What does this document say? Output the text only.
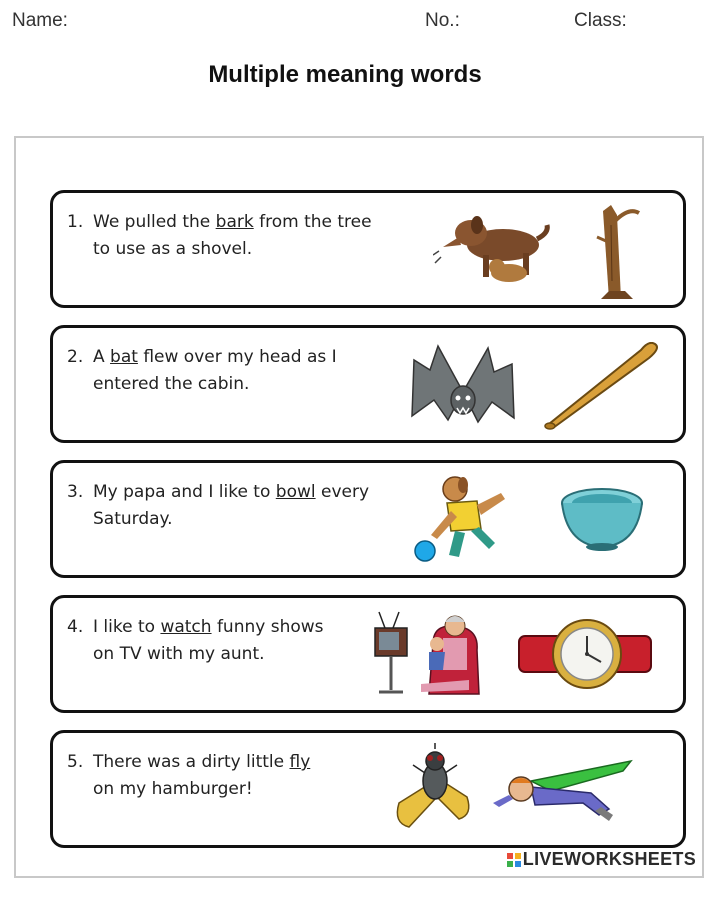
Name:	No.:	Class:
Multiple meaning words
1. We pulled the bark from the tree
to use as a shovel.
2. A bat flew over my head as I
entered the cabin.
3. My papa and I like to bowl every
Saturday.
4. I like to watch funny shows
on TV with my aunt.
5. There was a dirty little fly
on my hamburger!
LIVEWORKSHEETS
